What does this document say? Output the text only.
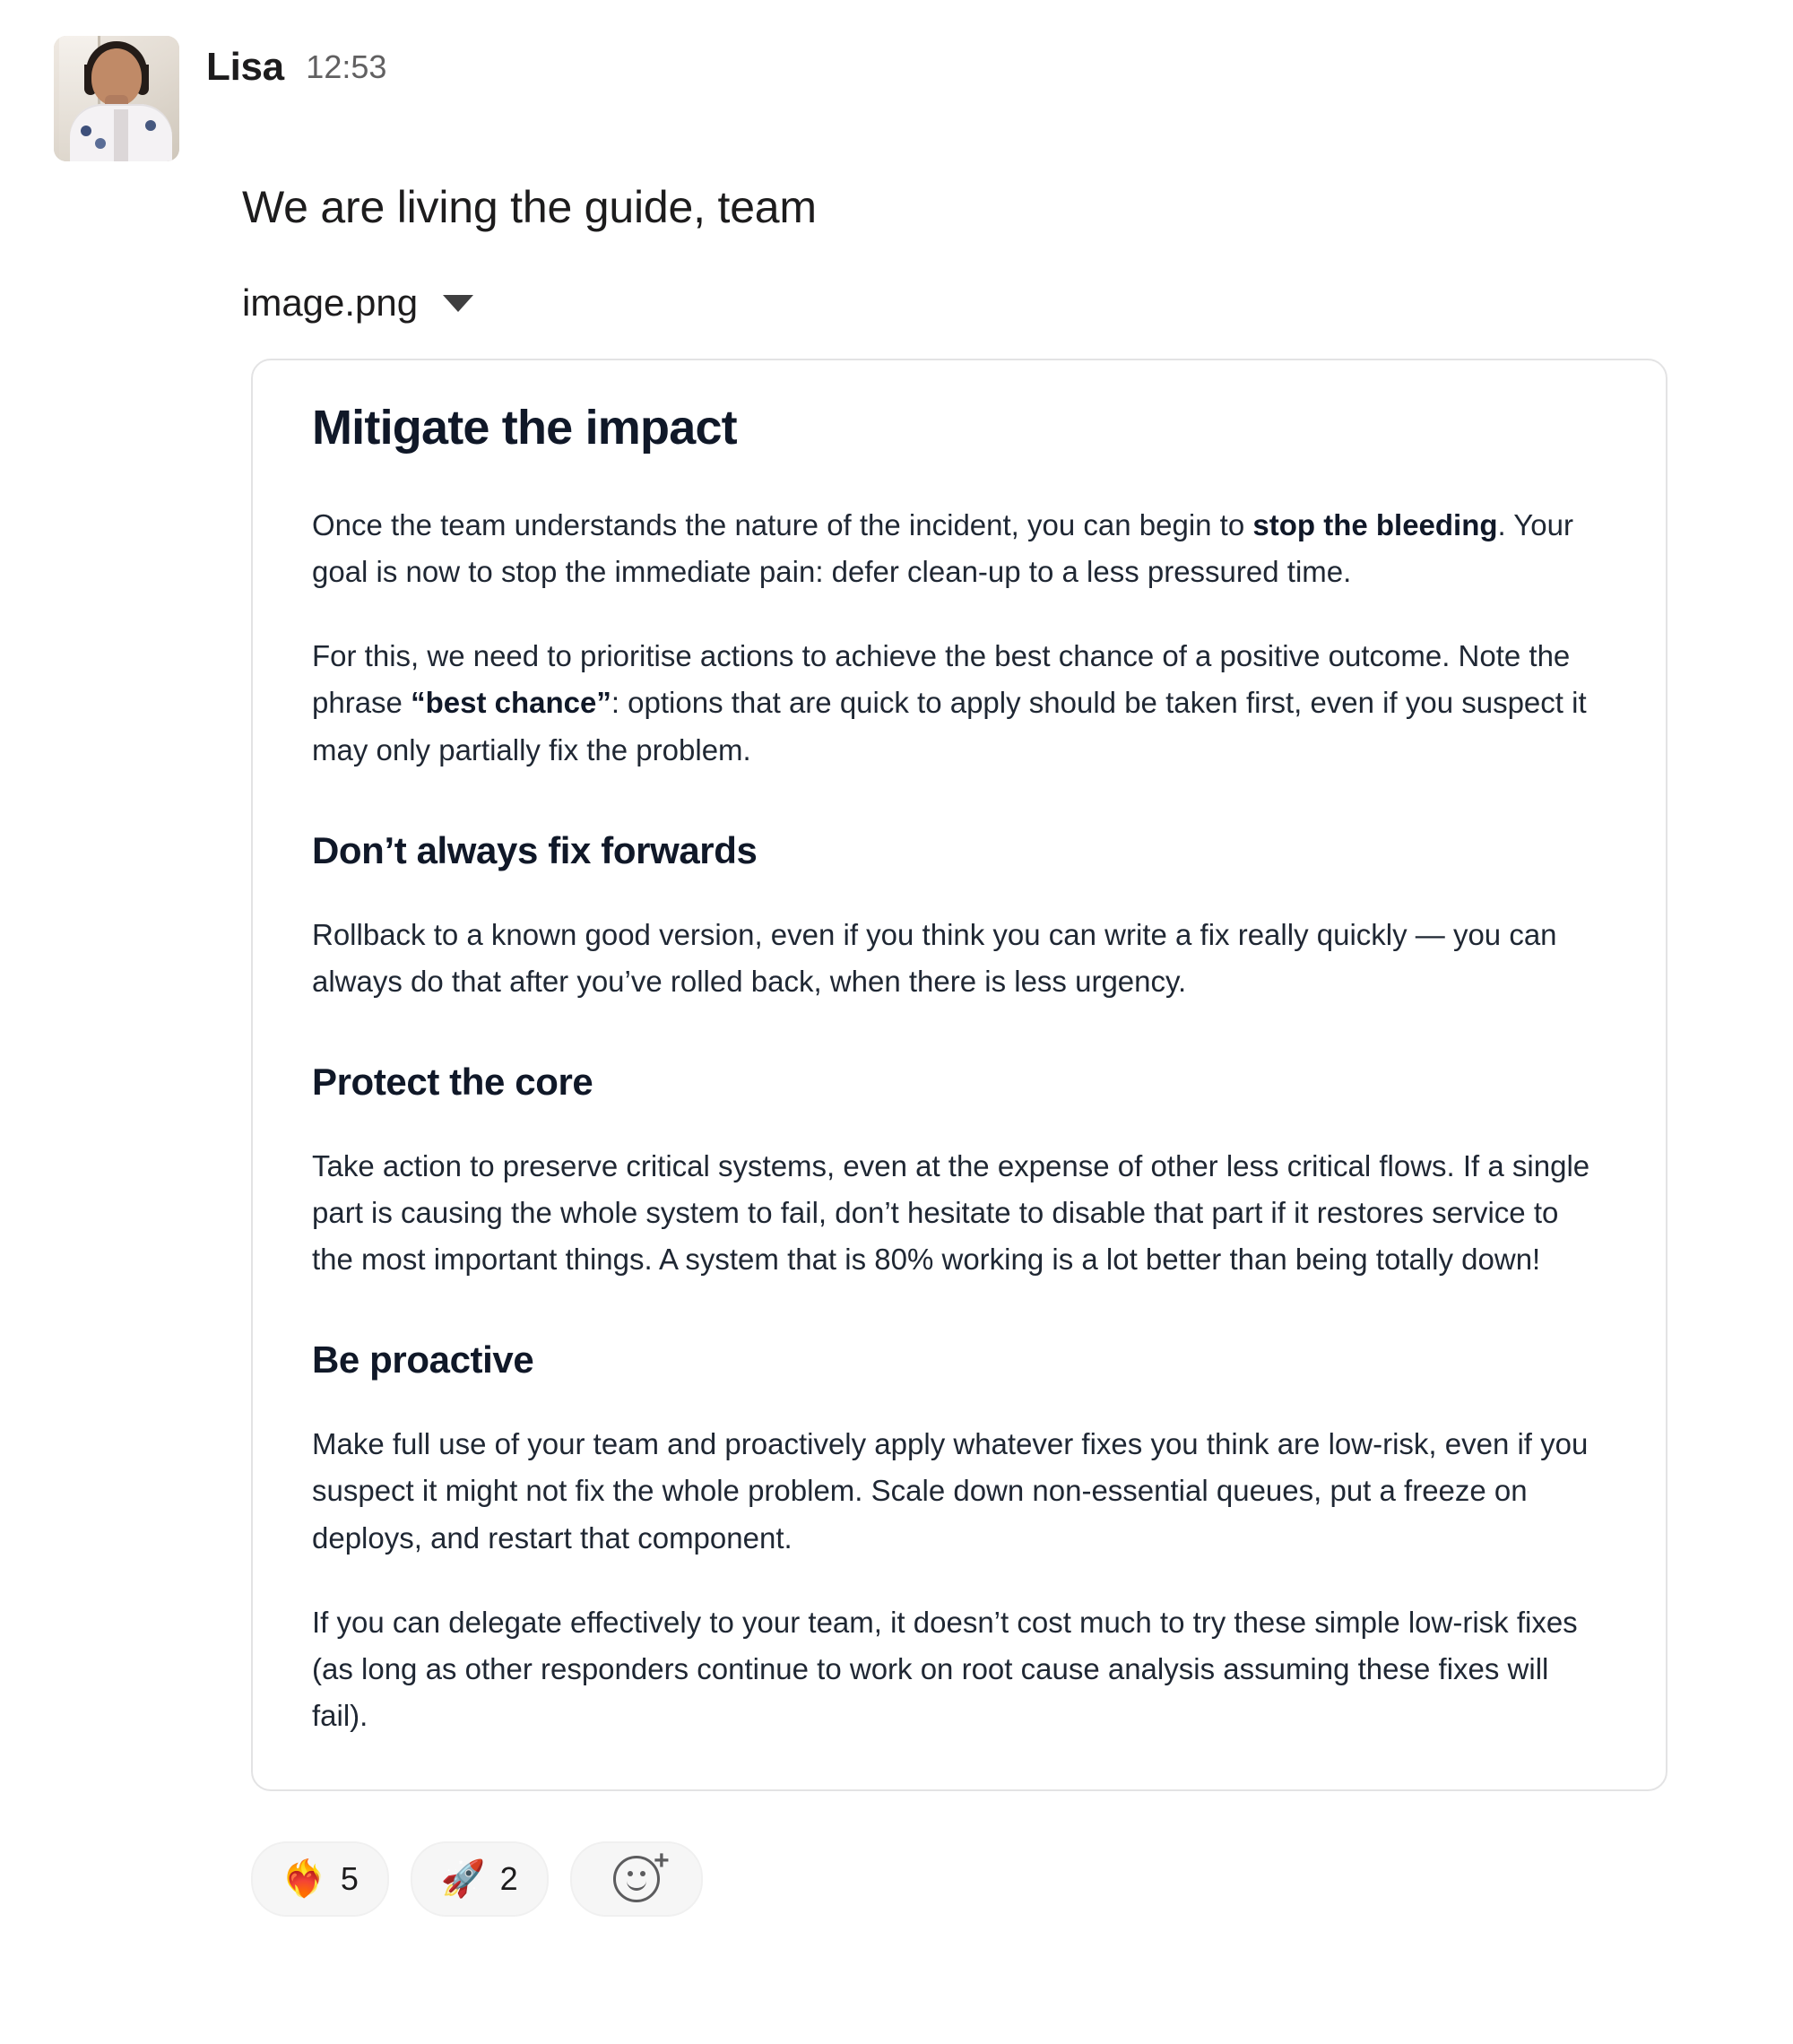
Lisa 12:53
We are living the guide, team
image.png
Mitigate the impact

Once the team understands the nature of the incident, you can begin to stop the bleeding. Your goal is now to stop the immediate pain: defer clean-up to a less pressured time.

For this, we need to prioritise actions to achieve the best chance of a positive outcome. Note the phrase “best chance”: options that are quick to apply should be taken first, even if you suspect it may only partially fix the problem.

Don’t always fix forwards

Rollback to a known good version, even if you think you can write a fix really quickly — you can always do that after you’ve rolled back, when there is less urgency.

Protect the core

Take action to preserve critical systems, even at the expense of other less critical flows. If a single part is causing the whole system to fail, don’t hesitate to disable that part if it restores service to the most important things. A system that is 80% working is a lot better than being totally down!

Be proactive

Make full use of your team and proactively apply whatever fixes you think are low-risk, even if you suspect it might not fix the whole problem. Scale down non-essential queues, put a freeze on deploys, and restart that component.

If you can delegate effectively to your team, it doesn’t cost much to try these simple low-risk fixes (as long as other responders continue to work on root cause analysis assuming these fixes will fail).

❤️‍🔥 5 🚀 2	+
